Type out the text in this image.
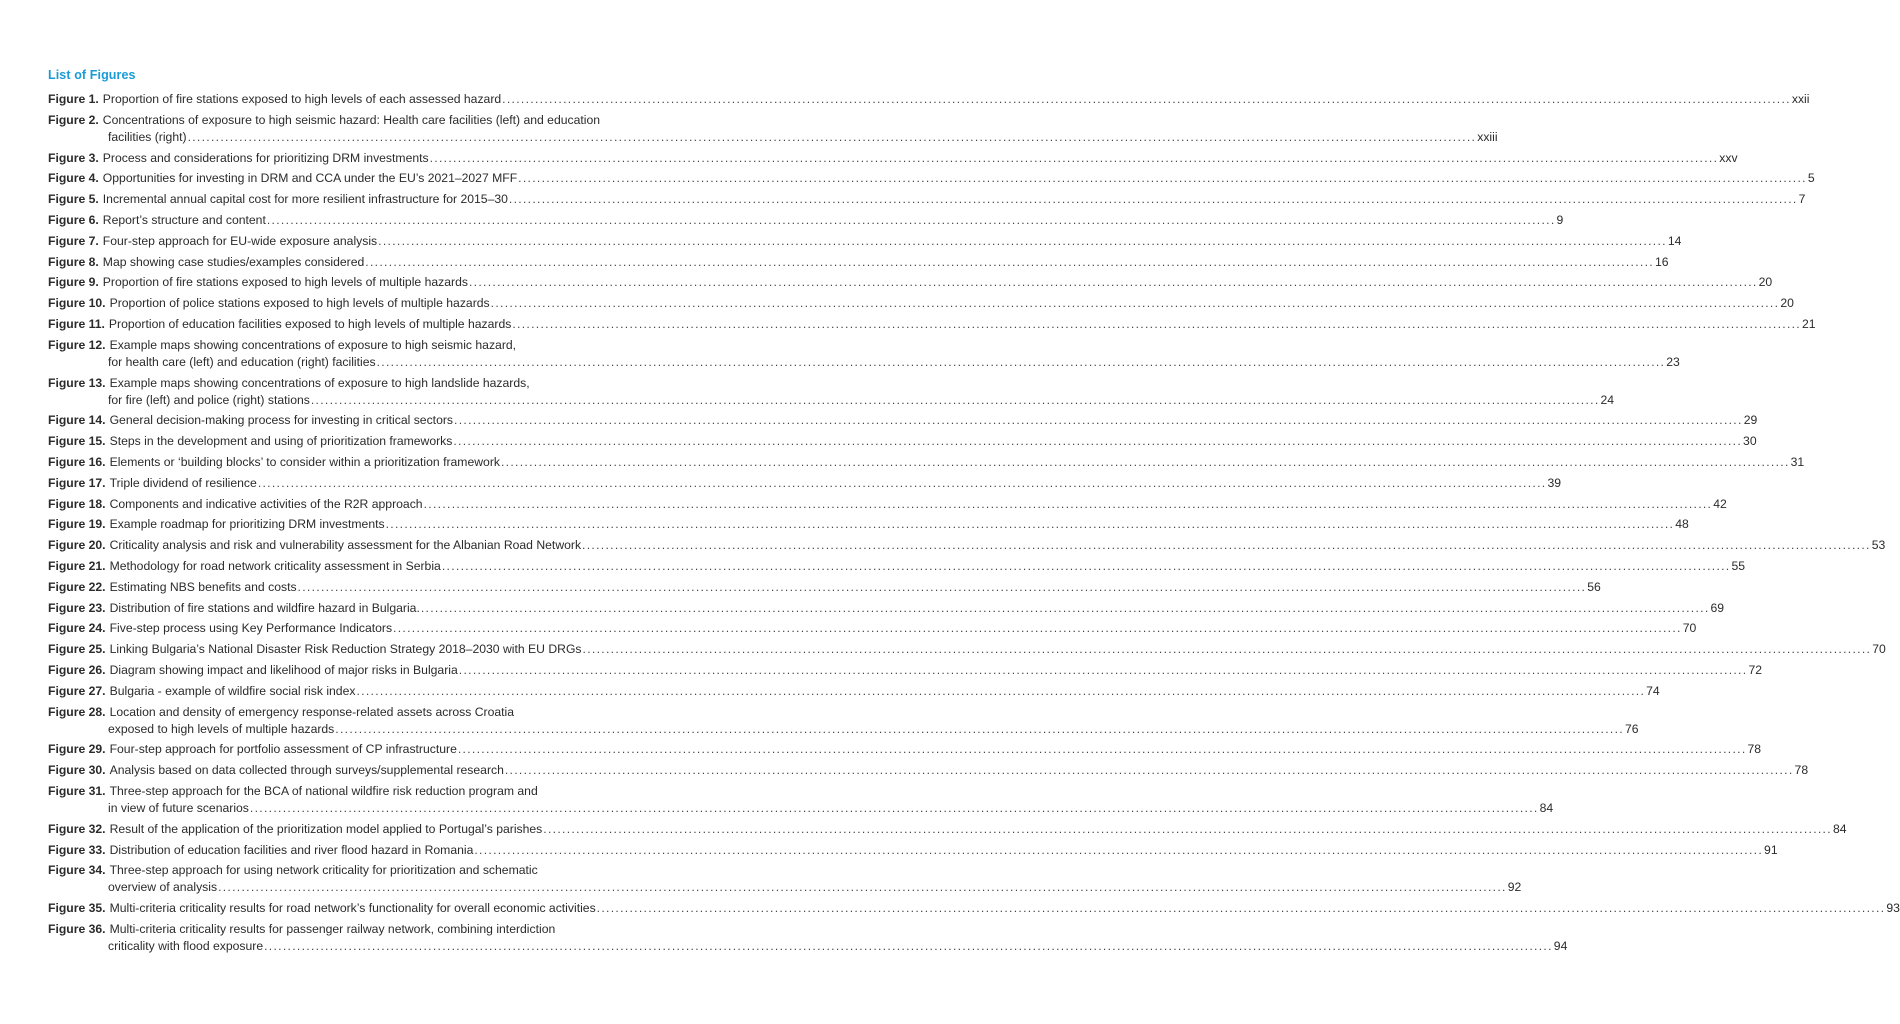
List of Figures
Figure 1. Proportion of fire stations exposed to high levels of each assessed hazard .....	xxii
Figure 2. Concentrations of exposure to high seismic hazard: Health care facilities (left) and education
facilities (right) .....	xxiii
Figure 3. Process and considerations for prioritizing DRM investments .....	xxv
Figure 4. Opportunities for investing in DRM and CCA under the EU’s 2021–2027 MFF .....	5
Figure 5. Incremental annual capital cost for more resilient infrastructure for 2015–30 .....	7
Figure 6. Report’s structure and content .....	9
Figure 7. Four-step approach for EU-wide exposure analysis .....	14
Figure 8. Map showing case studies/examples considered .....	16
Figure 9. Proportion of fire stations exposed to high levels of multiple hazards .....	20
Figure 10. Proportion of police stations exposed to high levels of multiple hazards .....	20
Figure 11. Proportion of education facilities exposed to high levels of multiple hazards .....	21
Figure 12. Example maps showing concentrations of exposure to high seismic hazard,
for health care (left) and education (right) facilities .....	23
Figure 13. Example maps showing concentrations of exposure to high landslide hazards,
for fire (left) and police (right) stations .....	24
Figure 14. General decision-making process for investing in critical sectors .....	29
Figure 15. Steps in the development and using of prioritization frameworks .....	30
Figure 16. Elements or ‘building blocks’ to consider within a prioritization framework .....	31
Figure 17. Triple dividend of resilience .....	39
Figure 18. Components and indicative activities of the R2R approach .....	42
Figure 19. Example roadmap for prioritizing DRM investments .....	48
Figure 20. Criticality analysis and risk and vulnerability assessment for the Albanian Road Network .....	53
Figure 21. Methodology for road network criticality assessment in Serbia .....	55
Figure 22. Estimating NBS benefits and costs .....	56
Figure 23. Distribution of fire stations and wildfire hazard in Bulgaria. .....	69
Figure 24. Five-step process using Key Performance Indicators .....	70
Figure 25. Linking Bulgaria’s National Disaster Risk Reduction Strategy 2018–2030 with EU DRGs .....	70
Figure 26. Diagram showing impact and likelihood of major risks in Bulgaria .....	72
Figure 27. Bulgaria - example of wildfire social risk index .....	74
Figure 28. Location and density of emergency response-related assets across Croatia
exposed to high levels of multiple hazards .....	76
Figure 29. Four-step approach for portfolio assessment of CP infrastructure .....	78
Figure 30. Analysis based on data collected through surveys/supplemental research .....	78
Figure 31. Three-step approach for the BCA of national wildfire risk reduction program and
in view of future scenarios .....	84
Figure 32. Result of the application of the prioritization model applied to Portugal’s parishes .....	84
Figure 33. Distribution of education facilities and river flood hazard in Romania .....	91
Figure 34. Three-step approach for using network criticality for prioritization and schematic
overview of analysis .....	92
Figure 35. Multi-criteria criticality results for road network’s functionality for overall economic activities .....	93
Figure 36. Multi-criteria criticality results for passenger railway network, combining interdiction
criticality with flood exposure .....	94
